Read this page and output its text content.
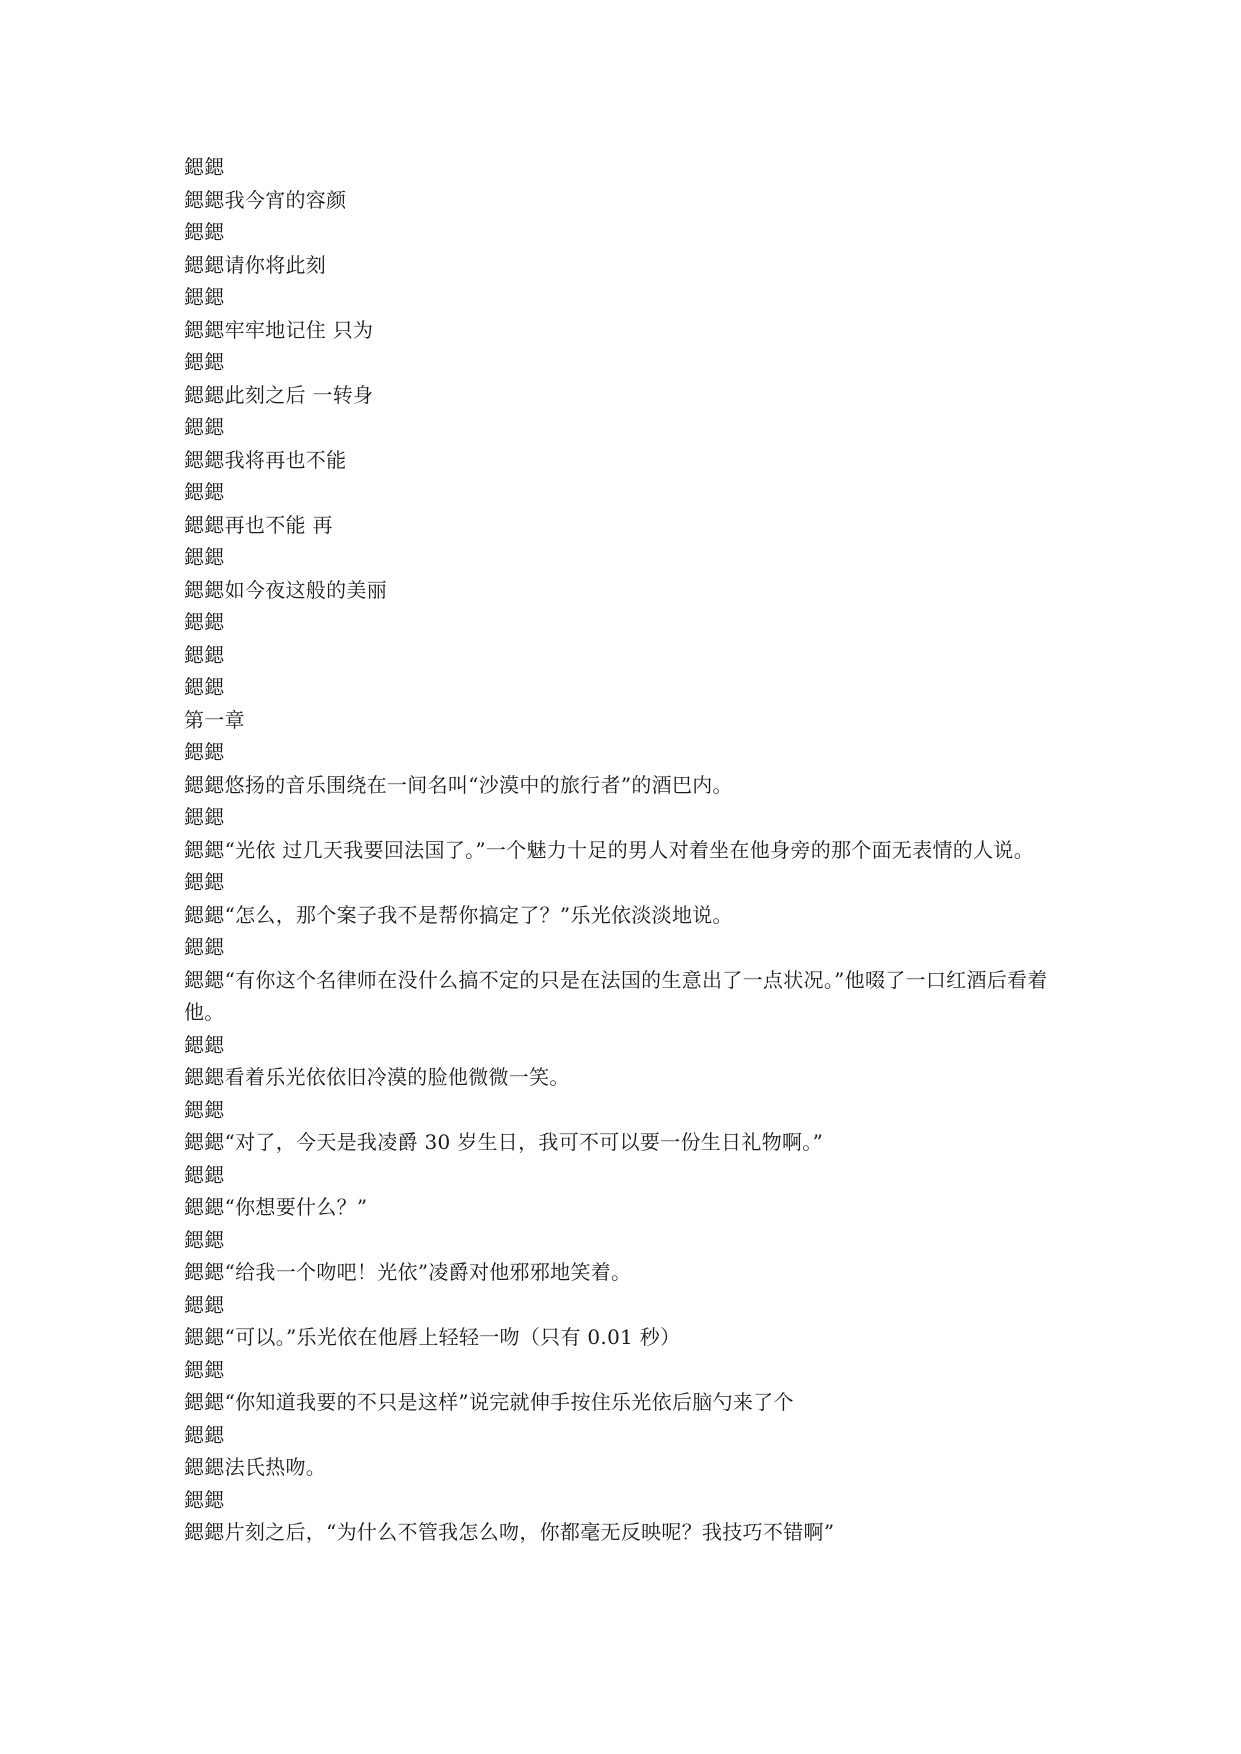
鍶鍶
鍶鍶我今宵的容颜
鍶鍶
鍶鍶请你将此刻
鍶鍶
鍶鍶牢牢地记住 只为
鍶鍶
鍶鍶此刻之后 一转身
鍶鍶
鍶鍶我将再也不能
鍶鍶
鍶鍶再也不能 再
鍶鍶
鍶鍶如今夜这般的美丽
鍶鍶
鍶鍶
鍶鍶
第一章
鍶鍶
鍶鍶悠扬的音乐围绕在一间名叫“沙漠中的旅行者”的酒巴内。
鍶鍶
鍶鍶“光依 过几天我要回法国了。”一个魅力十足的男人对着坐在他身旁的那个面无表情的人说。
鍶鍶
鍶鍶“怎么，那个案子我不是帮你搞定了？”乐光依淡淡地说。
鍶鍶
鍶鍶“有你这个名律师在没什么搞不定的只是在法国的生意出了一点状况。”他啜了一口红酒后看着他。
鍶鍶
鍶鍶看着乐光依依旧冷漠的脸他微微一笑。
鍶鍶
鍶鍶“对了，今天是我凌爵 30 岁生日，我可不可以要一份生日礼物啊。”
鍶鍶
鍶鍶“你想要什么？”
鍶鍶
鍶鍶“给我一个吻吧！光依”凌爵对他邪邪地笑着。
鍶鍶
鍶鍶“可以。”乐光依在他唇上轻轻一吻（只有 0.01 秒）
鍶鍶
鍶鍶“你知道我要的不只是这样”说完就伸手按住乐光依后脑勺来了个
鍶鍶
鍶鍶法氏热吻。
鍶鍶
鍶鍶片刻之后，“为什么不管我怎么吻，你都毫无反映呢？我技巧不错啊”
